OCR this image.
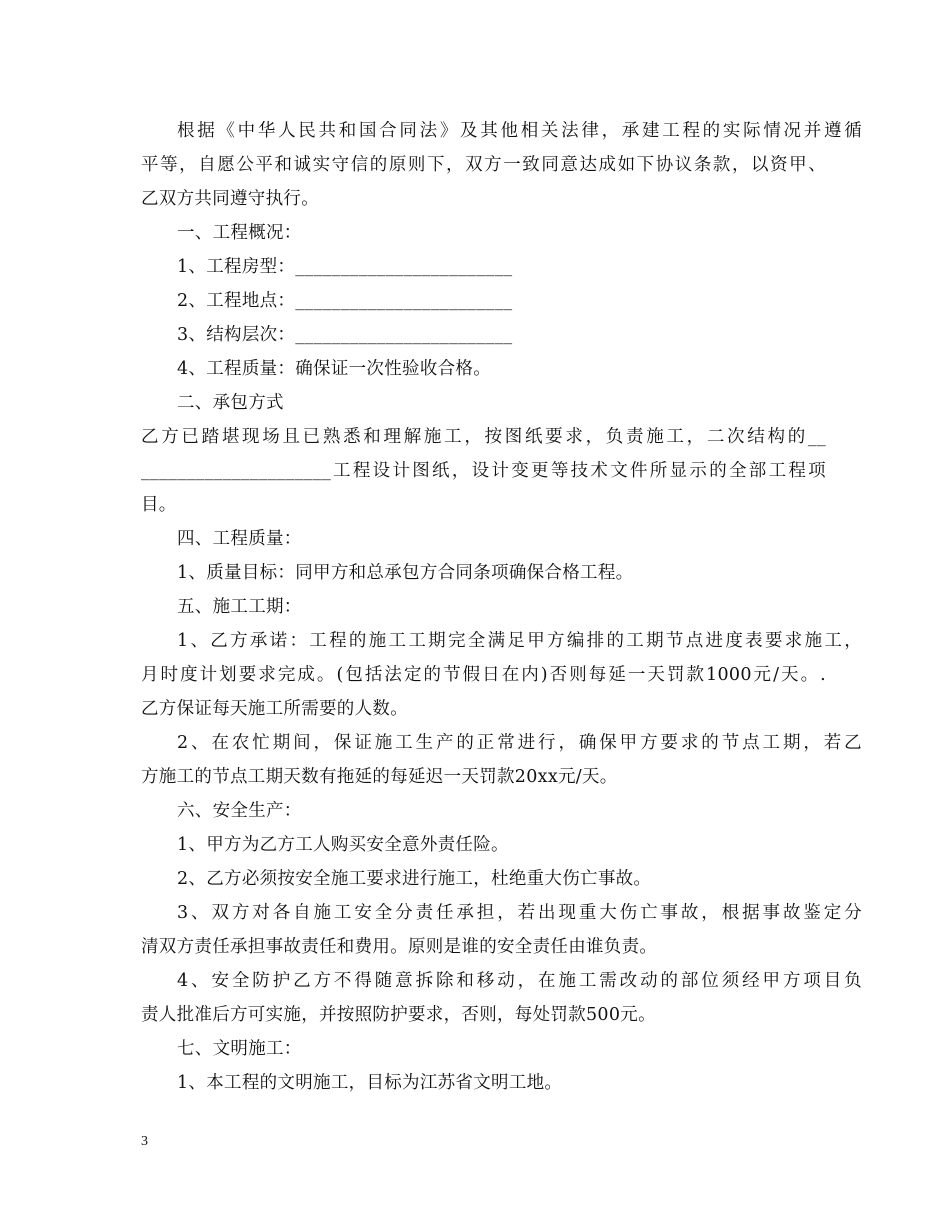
根据《中华人民共和国合同法》及其他相关法律，承建工程的实际情况并遵循
平等，自愿公平和诚实守信的原则下，双方一致同意达成如下协议条款，以资甲、
乙双方共同遵守执行。
一、工程概况：
1、工程房型：________________________
2、工程地点：________________________
3、结构层次：________________________
4、工程质量：确保证一次性验收合格。
二、承包方式
乙方已踏堪现场且已熟悉和理解施工，按图纸要求，负责施工，二次结构的__
_____________________工程设计图纸，设计变更等技术文件所显示的全部工程项
目。
四、工程质量：
1、质量目标：同甲方和总承包方合同条项确保合格工程。
五、施工工期：
1、乙方承诺：工程的施工工期完全满足甲方编排的工期节点进度表要求施工，
月时度计划要求完成。(包括法定的节假日在内)否则每延一天罚款1000元/天。.
乙方保证每天施工所需要的人数。
2、在农忙期间，保证施工生产的正常进行，确保甲方要求的节点工期，若乙
方施工的节点工期天数有拖延的每延迟一天罚款20xx元/天。
六、安全生产：
1、甲方为乙方工人购买安全意外责任险。
2、乙方必须按安全施工要求进行施工，杜绝重大伤亡事故。
3、双方对各自施工安全分责任承担，若出现重大伤亡事故，根据事故鉴定分
清双方责任承担事故责任和费用。原则是谁的安全责任由谁负责。
4、安全防护乙方不得随意拆除和移动，在施工需改动的部位须经甲方项目负
责人批准后方可实施，并按照防护要求，否则，每处罚款500元。
七、文明施工：
1、本工程的文明施工，目标为江苏省文明工地。
3
